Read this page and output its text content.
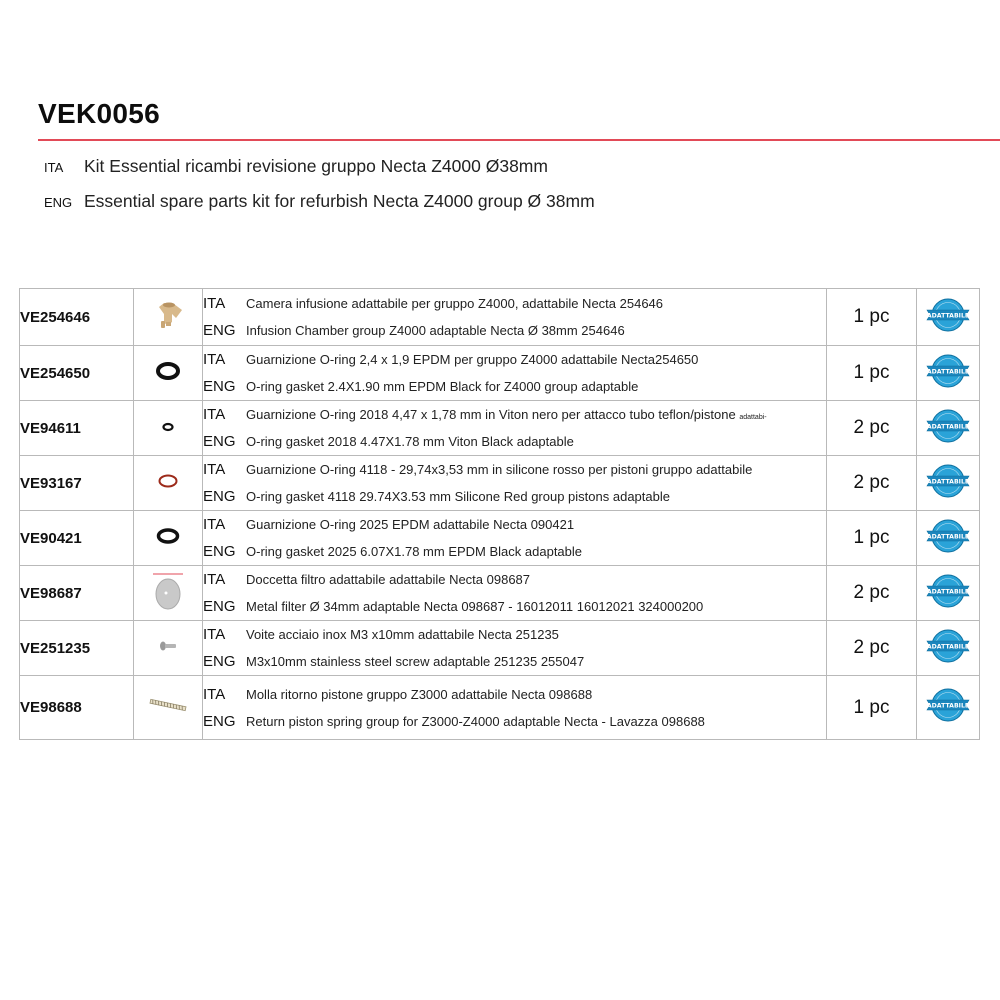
VEK0056
ITA	Kit Essential ricambi revisione gruppo Necta Z4000 Ø38mm
ENG Essential spare parts kit for refurbish Necta Z4000 group Ø 38mm
VE254646		ITA Camera infusione adattabile per gruppo Z4000, adattabile Necta 254646
ENG Infusion Chamber group Z4000 adaptable Necta Ø 38mm 254646	1 pc	ADATTABILE

VE254650		ITA Guarnizione O-ring 2,4 x 1,9 EPDM per gruppo Z4000 adattabile Necta254650
ENG O-ring gasket 2.4X1.90 mm EPDM Black for Z4000 group adaptable	1 pc	ADATTABILE

VE94611		ITA Guarnizione O-ring 2018 4,47 x 1,78 mm in Viton nero per attacco tubo teflon/pistone adattabi-
ENG O-ring gasket 2018 4.47X1.78 mm Viton Black adaptable	2 pc	ADATTABILE

VE93167		ITA Guarnizione O-ring 4118 - 29,74x3,53 mm in silicone rosso per pistoni gruppo adattabile
ENG O-ring gasket 4118 29.74X3.53 mm Silicone Red group pistons adaptable	2 pc	ADATTABILE

VE90421		ITA Guarnizione O-ring 2025 EPDM adattabile Necta 090421
ENG O-ring gasket 2025 6.07X1.78 mm EPDM Black adaptable	1 pc	ADATTABILE

VE98687		ITA Doccetta filtro adattabile adattabile Necta 098687
ENG Metal filter Ø 34mm adaptable Necta 098687 - 16012011 16012021 324000200	2 pc	ADATTABILE

VE251235		ITA Voite acciaio inox M3 x10mm adattabile Necta 251235
ENG M3x10mm stainless steel screw adaptable 251235 255047	2 pc	ADATTABILE

VE98688		ITA Molla ritorno pistone gruppo Z3000 adattabile Necta 098688
ENG Return piston spring group for Z3000-Z4000 adaptable Necta - Lavazza 098688	1 pc	ADATTABILE
